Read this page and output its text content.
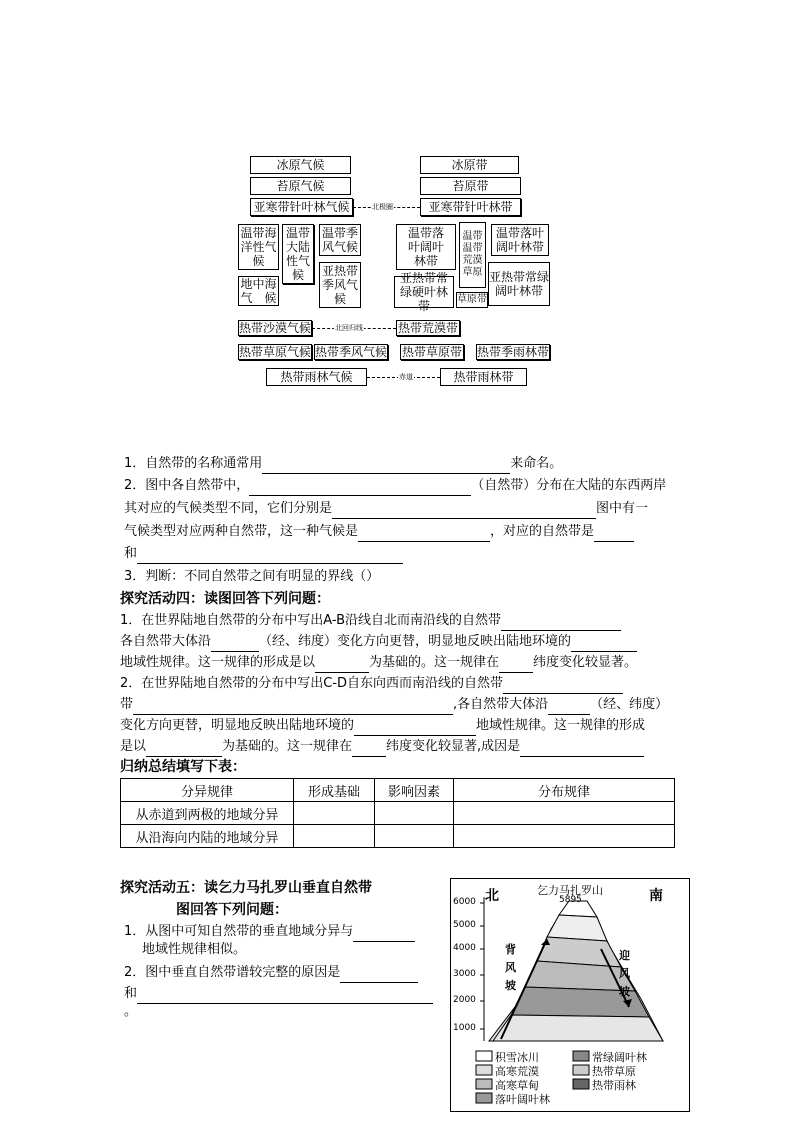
冰原气候
苔原气候
亚寒带针叶林气候
温带海
洋性气
候
温带
大陆
性气
候
温带季
风气候
地中海
气　候
亚热带
季风气
候
热带沙漠气候
热带草原气候 热带季风气候
热带雨林气候
冰原带
苔原带
亚寒带针叶林带
温带落
叶阔叶
林带
温带
温带
荒漠
草原
温带落叶
阔叶林带
亚热带常
绿硬叶林带
亚热带常绿
阔叶林带
草原带
热带荒漠带
热带草原带 热带季雨林带
热带雨林带
北极圈
北回归线
赤道
1．自然带的名称通常用	来命名。
2．图中各自然带中，	（自然带）分布在大陆的东西两岸
其对应的气候类型不同，它们分别是	图中有一
气候类型对应两种自然带，这一种气候是	，对应的自然带是
和
3．判断：不同自然带之间有明显的界线（）
探究活动四：读图回答下列问题：
1．在世界陆地自然带的分布中写出A-B沿线自北而南沿线的自然带
各自然带大体沿	（经、纬度）变化方向更替，明显地反映出陆地环境的
地域性规律。这一规律的形成是以	为基础的。这一规律在	纬度变化较显著。
2．在世界陆地自然带的分布中写出C-D自东向西而南沿线的自然带
带	,各自然带大体沿	（经、纬度）
变化方向更替，明显地反映出陆地环境的	地域性规律。这一规律的形成
是以	为基础的。这一规律在	纬度变化较显著,成因是
归纳总结填写下表：
分异规律	形成基础	影响因素	分布规律
从赤道到两极的地域分异			
从沿海向内陆的地域分异			
探究活动五：读乞力马扎罗山垂直自然带
图回答下列问题：
1．从图中可知自然带的垂直地域分异与
地域性规律相似。
2．图中垂直自然带谱较完整的原因是
和
。
北	南
乞力马扎罗山
5895
6000
5000
4000
3000
2000
1000
背风坡
迎风坡
积雪冰川	常绿阔叶林
高寒荒漠	热带草原
高寒草甸	热带雨林
落叶阔叶林
